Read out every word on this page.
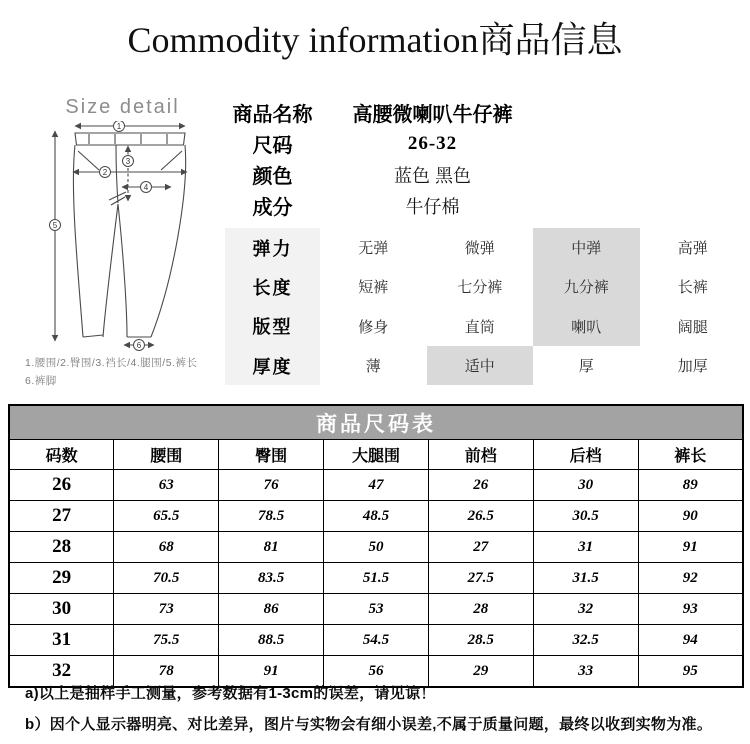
Commodity information商品信息
Size detail
1
2
3
4
5
6
1.腰围/2.臀围/3.裆长/4.腿围/5.裤长
6.裤脚
商品名称	高腰微喇叭牛仔裤
尺码	26-32
颜色	蓝色 黑色
成分	牛仔棉
弹力	无弹	微弹	中弹	高弹
长度	短裤	七分裤	九分裤	长裤
版型	修身	直筒	喇叭	阔腿
厚度	薄	适中	厚	加厚
商品尺码表						
码数	腰围	臀围	大腿围	前档	后档	裤长
26	63	76	47	26	30	89
27	65.5	78.5	48.5	26.5	30.5	90
28	68	81	50	27	31	91
29	70.5	83.5	51.5	27.5	31.5	92
30	73	86	53	28	32	93
31	75.5	88.5	54.5	28.5	32.5	94
32	78	91	56	29	33	95
a)以上是抽样手工测量，参考数据有1-3cm的误差，请见谅！
b）因个人显示器明亮、对比差异，图片与实物会有细小误差,不属于质量问题，最终以收到实物为准。
